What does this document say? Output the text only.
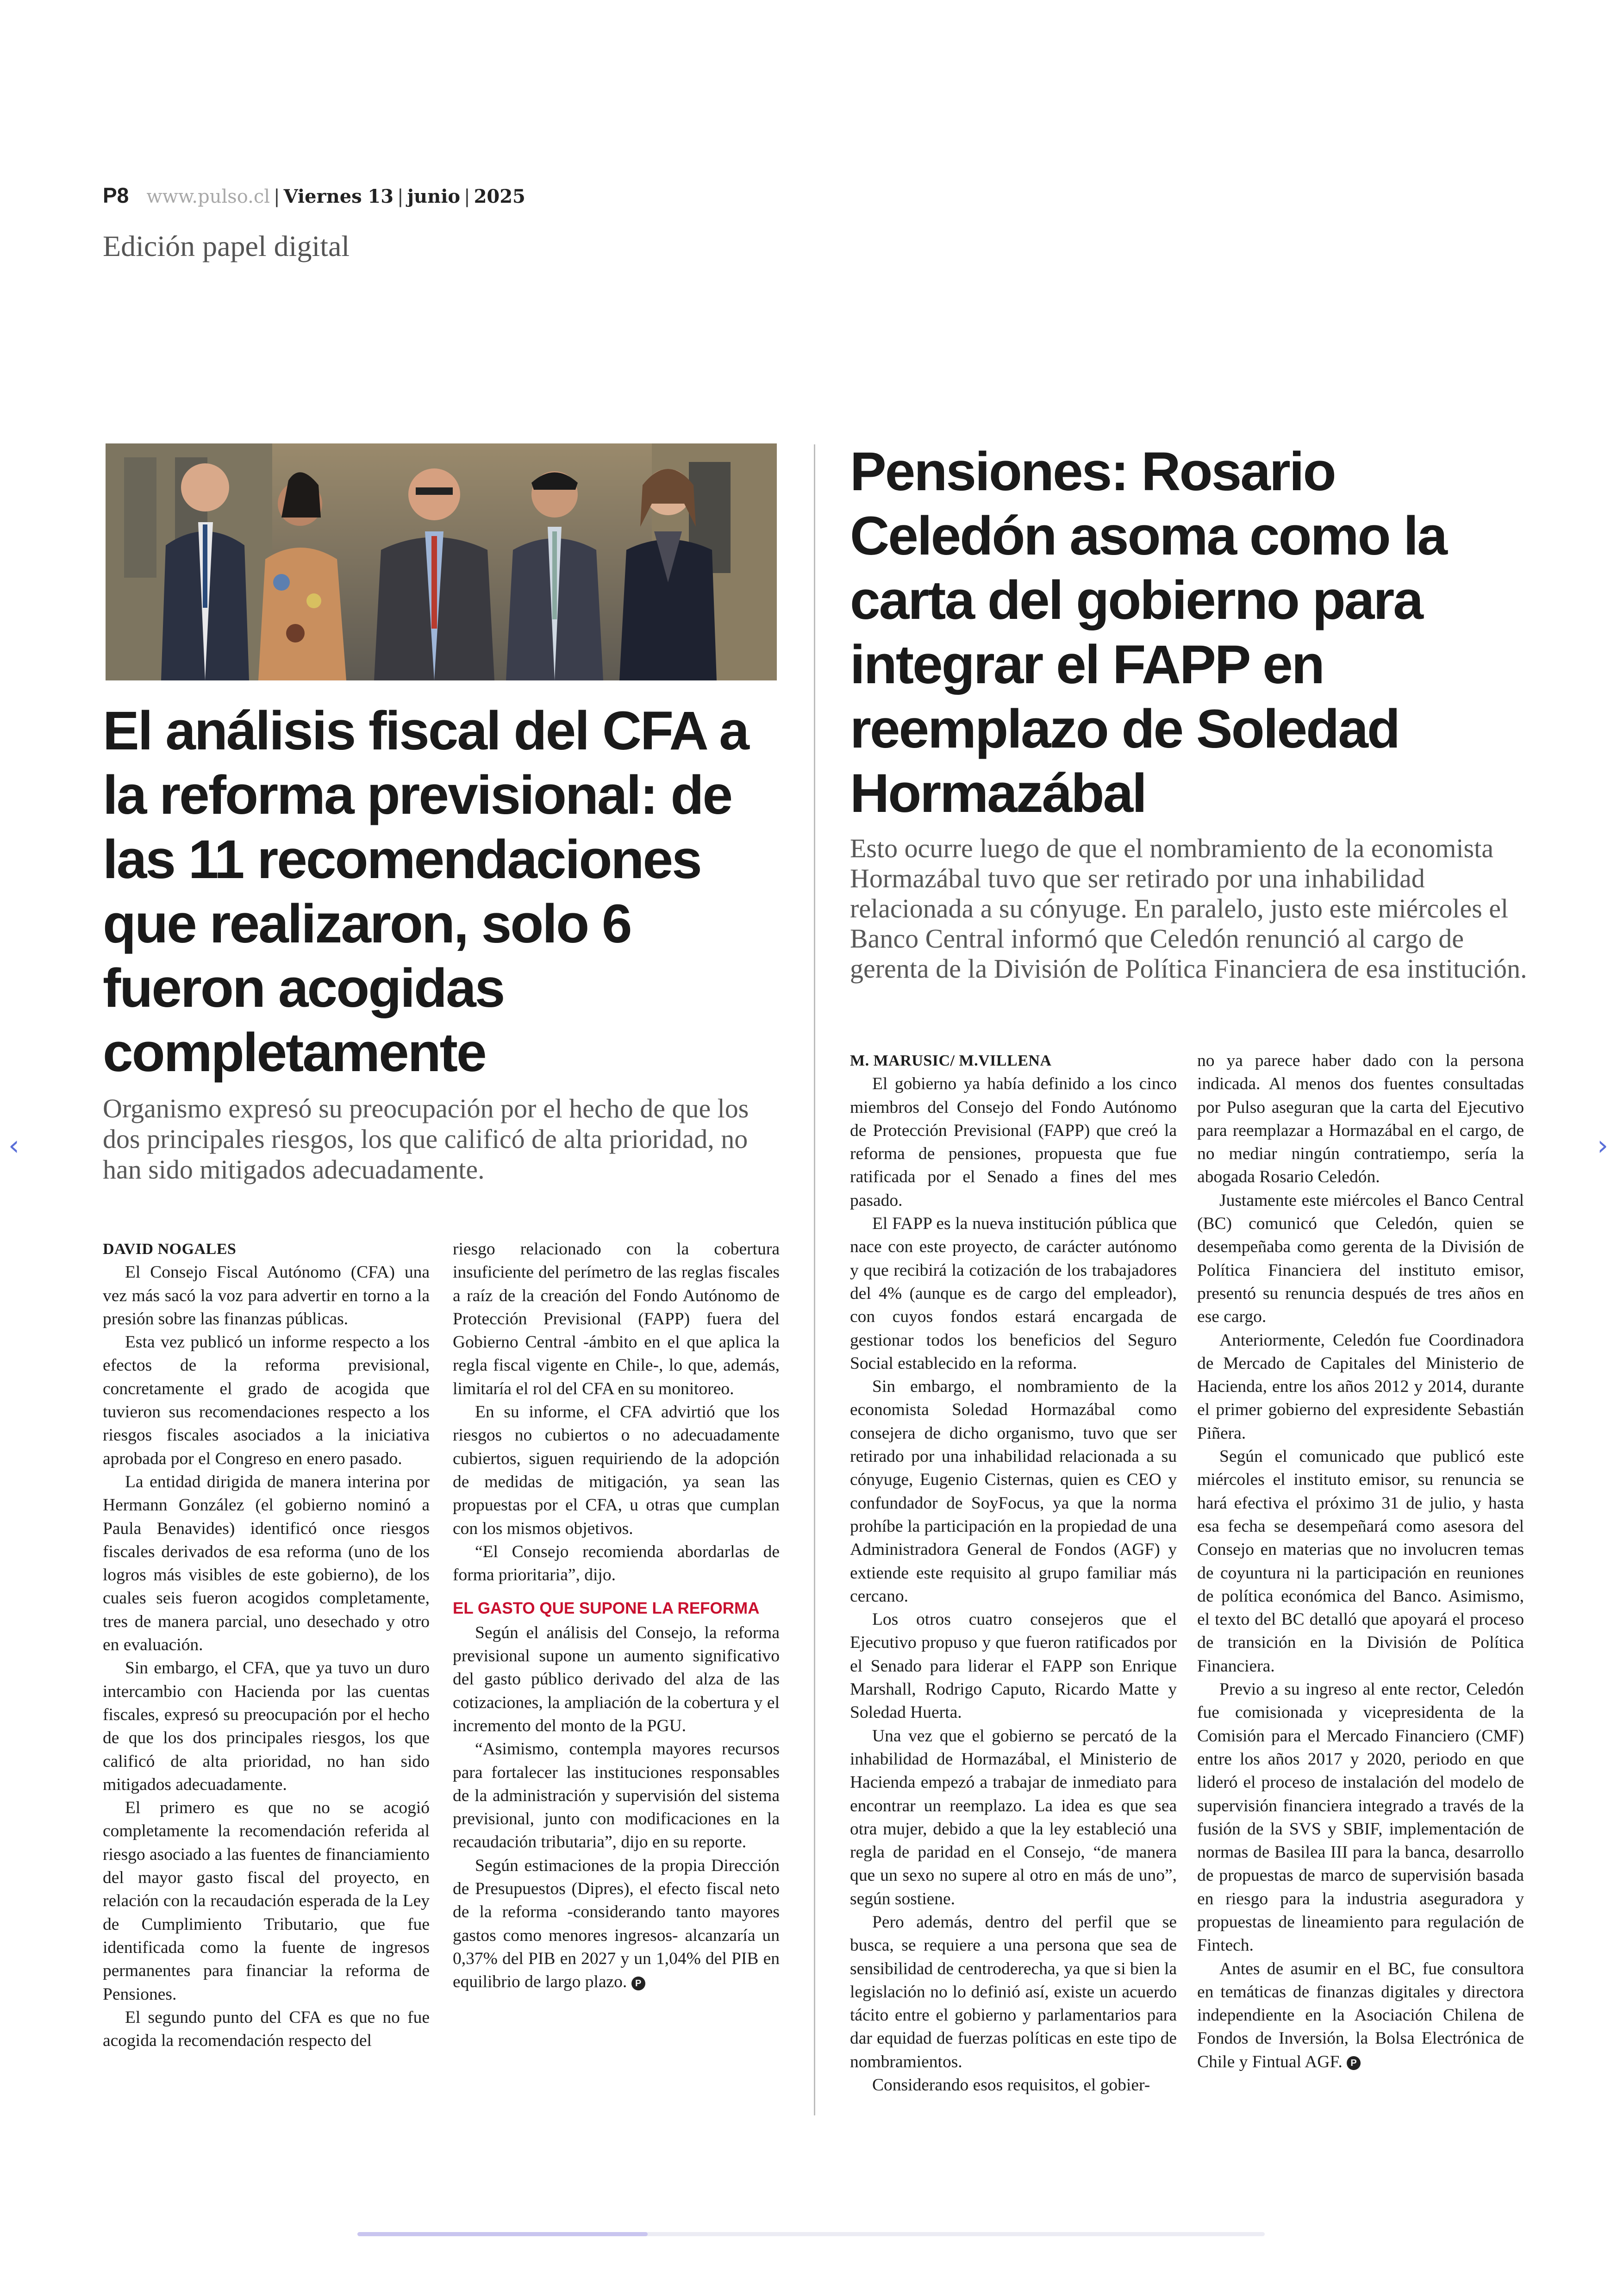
P8 www.pulso.cl | Viernes 13 | junio | 2025
Edición papel digital
El análisis fiscal del CFA a la reforma previsional: de las 11 recomendaciones que realizaron, solo 6 fueron acogidas completamente

Organismo expresó su preocupación por el hecho de que los dos principales riesgos, los que calificó de alta prioridad, no han sido mitigados adecuadamente.

DAVID NOGALES

El Consejo Fiscal Autónomo (CFA) una vez más sacó la voz para advertir en torno a la presión sobre las finanzas públicas.

Esta vez publicó un informe respecto a los efectos de la reforma previsional, concretamente el grado de acogida que tuvieron sus recomendaciones respecto a los riesgos fiscales asociados a la iniciativa aprobada por el Congreso en enero pasado.

La entidad dirigida de manera interina por Hermann González (el gobierno nominó a Paula Benavides) identificó once riesgos fiscales derivados de esa reforma (uno de los logros más visibles de este gobierno), de los cuales seis fueron acogidos completamente, tres de manera parcial, uno desechado y otro en evaluación.

Sin embargo, el CFA, que ya tuvo un duro intercambio con Hacienda por las cuentas fiscales, expresó su preocupación por el hecho de que los dos principales riesgos, los que calificó de alta prioridad, no han sido mitigados adecuadamente.

El primero es que no se acogió completamente la recomendación referida al riesgo asociado a las fuentes de financiamiento del mayor gasto fiscal del proyecto, en relación con la recaudación esperada de la Ley de Cumplimiento Tributario, que fue identificada como la fuente de ingresos permanentes para financiar la reforma de Pensiones.

El segundo punto del CFA es que no fue acogida la recomendación respecto del

riesgo relacionado con la cobertura insuficiente del perímetro de las reglas fiscales a raíz de la creación del Fondo Autónomo de Protección Previsional (FAPP) fuera del Gobierno Central -ámbito en el que aplica la regla fiscal vigente en Chile-, lo que, además, limitaría el rol del CFA en su monitoreo.

En su informe, el CFA advirtió que los riesgos no cubiertos o no adecuadamente cubiertos, siguen requiriendo de la adopción de medidas de mitigación, ya sean las propuestas por el CFA, u otras que cumplan con los mismos objetivos.

“El Consejo recomienda abordarlas de forma prioritaria”, dijo.

EL GASTO QUE SUPONE LA REFORMA

Según el análisis del Consejo, la reforma previsional supone un aumento significativo del gasto público derivado del alza de las cotizaciones, la ampliación de la cobertura y el incremento del monto de la PGU.

“Asimismo, contempla mayores recursos para fortalecer las instituciones responsables de la administración y supervisión del sistema previsional, junto con modificaciones en la recaudación tributaria”, dijo en su reporte.

Según estimaciones de la propia Dirección de Presupuestos (Dipres), el efecto fiscal neto de la reforma -considerando tanto mayores gastos como menores ingresos- alcanzaría un 0,37% del PIB en 2027 y un 1,04% del PIB en equilibrio de largo plazo. P

Pensiones: Rosario Celedón asoma como la carta del gobierno para integrar el FAPP en reemplazo de Soledad Hormazábal

Esto ocurre luego de que el nombramiento de la economista Hormazábal tuvo que ser retirado por una inhabilidad relacionada a su cónyuge. En paralelo, justo este miércoles el Banco Central informó que Celedón renunció al cargo de gerenta de la División de Política Financiera de esa institución.

M. MARUSIC/ M.VILLENA

El gobierno ya había definido a los cinco miembros del Consejo del Fondo Autónomo de Protección Previsional (FAPP) que creó la reforma de pensiones, propuesta que fue ratificada por el Senado a fines del mes pasado.

El FAPP es la nueva institución pública que nace con este proyecto, de carácter autónomo y que recibirá la cotización de los trabajadores del 4% (aunque es de cargo del empleador), con cuyos fondos estará encargada de gestionar todos los beneficios del Seguro Social establecido en la reforma.

Sin embargo, el nombramiento de la economista Soledad Hormazábal como consejera de dicho organismo, tuvo que ser retirado por una inhabilidad relacionada a su cónyuge, Eugenio Cisternas, quien es CEO y confundador de SoyFocus, ya que la norma prohíbe la participación en la propiedad de una Administradora General de Fondos (AGF) y extiende este requisito al grupo familiar más cercano.

Los otros cuatro consejeros que el Ejecutivo propuso y que fueron ratificados por el Senado para liderar el FAPP son Enrique Marshall, Rodrigo Caputo, Ricardo Matte y Soledad Huerta.

Una vez que el gobierno se percató de la inhabilidad de Hormazábal, el Ministerio de Hacienda empezó a trabajar de inmediato para encontrar un reemplazo. La idea es que sea otra mujer, debido a que la ley estableció una regla de paridad en el Consejo, “de manera que un sexo no supere al otro en más de uno”, según sostiene.

Pero además, dentro del perfil que se busca, se requiere a una persona que sea de sensibilidad de centroderecha, ya que si bien la legislación no lo definió así, existe un acuerdo tácito entre el gobierno y parlamentarios para dar equidad de fuerzas políticas en este tipo de nombramientos.

Considerando esos requisitos, el gobier-

no ya parece haber dado con la persona indicada. Al menos dos fuentes consultadas por Pulso aseguran que la carta del Ejecutivo para reemplazar a Hormazábal en el cargo, de no mediar ningún contratiempo, sería la abogada Rosario Celedón.

Justamente este miércoles el Banco Central (BC) comunicó que Celedón, quien se desempeñaba como gerenta de la División de Política Financiera del instituto emisor, presentó su renuncia después de tres años en ese cargo.

Anteriormente, Celedón fue Coordinadora de Mercado de Capitales del Ministerio de Hacienda, entre los años 2012 y 2014, durante el primer gobierno del expresidente Sebastián Piñera.

Según el comunicado que publicó este miércoles el instituto emisor, su renuncia se hará efectiva el próximo 31 de julio, y hasta esa fecha se desempeñará como asesora del Consejo en materias que no involucren temas de coyuntura ni la participación en reuniones de política económica del Banco. Asimismo, el texto del BC detalló que apoyará el proceso de transición en la División de Política Financiera.

Previo a su ingreso al ente rector, Celedón fue comisionada y vicepresidenta de la Comisión para el Mercado Financiero (CMF) entre los años 2017 y 2020, periodo en que lideró el proceso de instalación del modelo de supervisión financiera integrado a través de la fusión de la SVS y SBIF, implementación de normas de Basilea III para la banca, desarrollo de propuestas de marco de supervisión basada en riesgo para la industria aseguradora y propuestas de lineamiento para regulación de Fintech.

Antes de asumir en el BC, fue consultora en temáticas de finanzas digitales y directora independiente en la Asociación Chilena de Fondos de Inversión, la Bolsa Electrónica de Chile y Fintual AGF. P

‹	›
